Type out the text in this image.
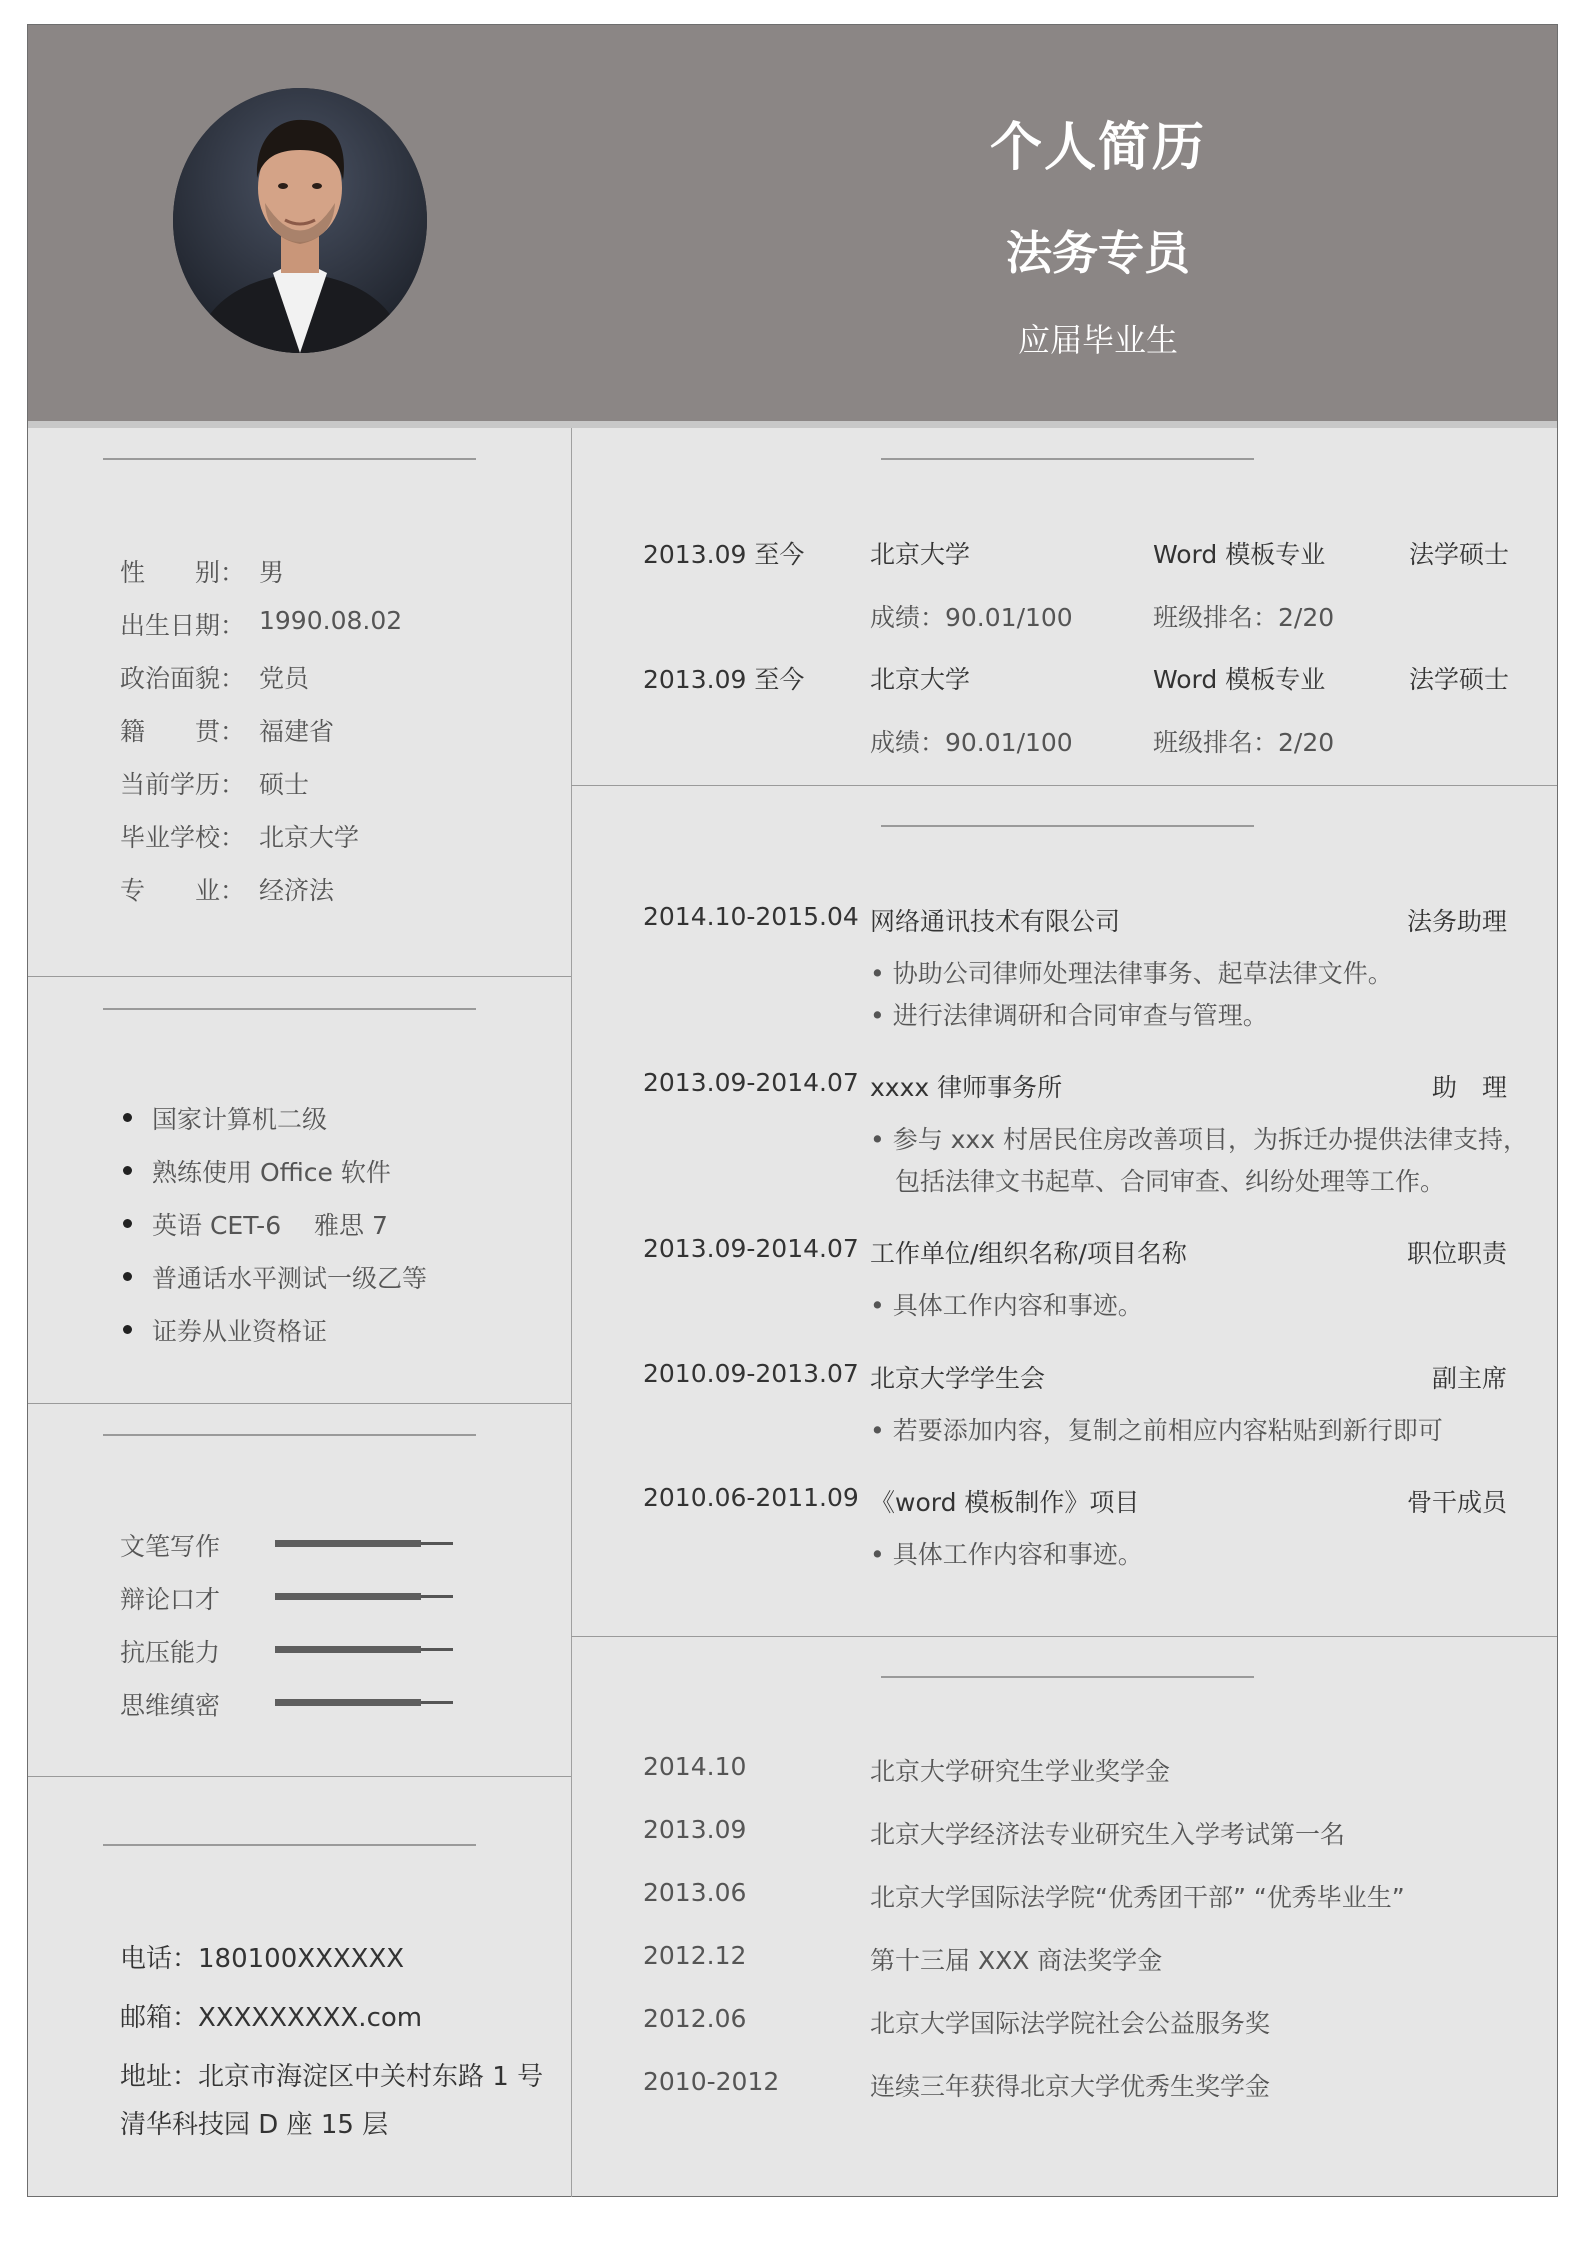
个人简历
法务专员
应届毕业生
性　　别： 男
出生日期： 1990.08.02
政治面貌： 党员
籍　　贯： 福建省
当前学历： 硕士
毕业学校： 北京大学
专　　业： 经济法
国家计算机二级
熟练使用 Office 软件
英语 CET-6　 雅思 7
普通话水平测试一级乙等
证券从业资格证
文笔写作
辩论口才
抗压能力
思维缜密
电话：180100XXXXXX
邮箱：XXXXXXXXX.com
地址：北京市海淀区中关村东路 1 号
清华科技园 D 座 15 层
2013.09 至今	北京大学	Word 模板专业	法学硕士
成绩：90.01/100	班级排名：2/20
2013.09 至今	北京大学	Word 模板专业	法学硕士
成绩：90.01/100	班级排名：2/20
2014.10-2015.04 网络通讯技术有限公司	法务助理
• 协助公司律师处理法律事务、起草法律文件。
• 进行法律调研和合同审查与管理。
2013.09-2014.07 xxxx 律师事务所	助　理
• 参与 xxx 村居民住房改善项目，为拆迁办提供法律支持，
　包括法律文书起草、合同审查、纠纷处理等工作。
2013.09-2014.07 工作单位/组织名称/项目名称	职位职责
• 具体工作内容和事迹。
2010.09-2013.07 北京大学学生会	副主席
• 若要添加内容，复制之前相应内容粘贴到新行即可
2010.06-2011.09 《word 模板制作》项目	骨干成员
• 具体工作内容和事迹。
2014.10	北京大学研究生学业奖学金
2013.09	北京大学经济法专业研究生入学考试第一名
2013.06	北京大学国际法学院“优秀团干部” “优秀毕业生”
2012.12	第十三届 XXX 商法奖学金
2012.06	北京大学国际法学院社会公益服务奖
2010-2012	连续三年获得北京大学优秀生奖学金
